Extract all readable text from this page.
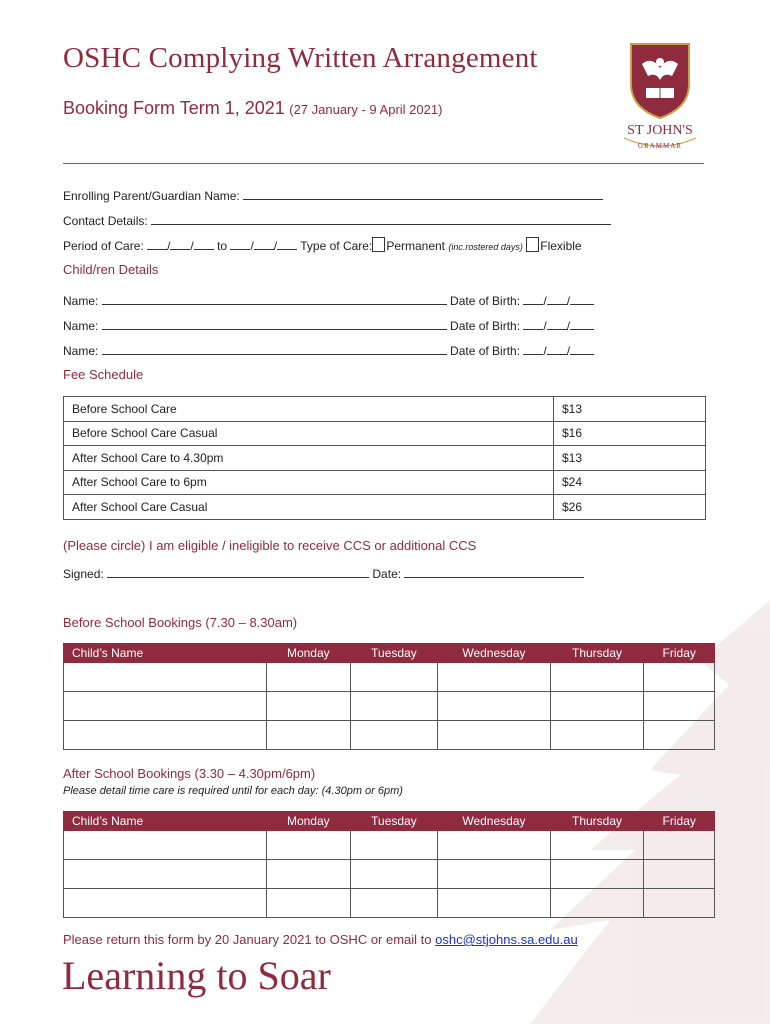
OSHC Complying Written Arrangement
Booking Form Term 1, 2021 (27 January - 9 April 2021)
ST JOHN'S
GRAMMAR
Enrolling Parent/Guardian Name:
Contact Details:
Period of Care: / / to / / Type of Care: Permanent (inc.rostered days) Flexible
Child/ren Details
Name:	Date of Birth: / /
Name:	Date of Birth: / /
Name:	Date of Birth: / /
Fee Schedule
Before School Care	$13
Before School Care Casual	$16
After School Care to 4.30pm	$13
After School Care to 6pm	$24
After School Care Casual	$26
(Please circle) I am eligible / ineligible to receive CCS or additional CCS
Signed:	Date:
Before School Bookings (7.30 – 8.30am)
Child’s Name	Monday	Tuesday	Wednesday	Thursday	Friday

After School Bookings (3.30 – 4.30pm/6pm)
Please detail time care is required until for each day: (4.30pm or 6pm)
Child’s Name	Monday	Tuesday	Wednesday	Thursday	Friday

Please return this form by 20 January 2021 to OSHC or email to oshc@stjohns.sa.edu.au
Learning to Soar
